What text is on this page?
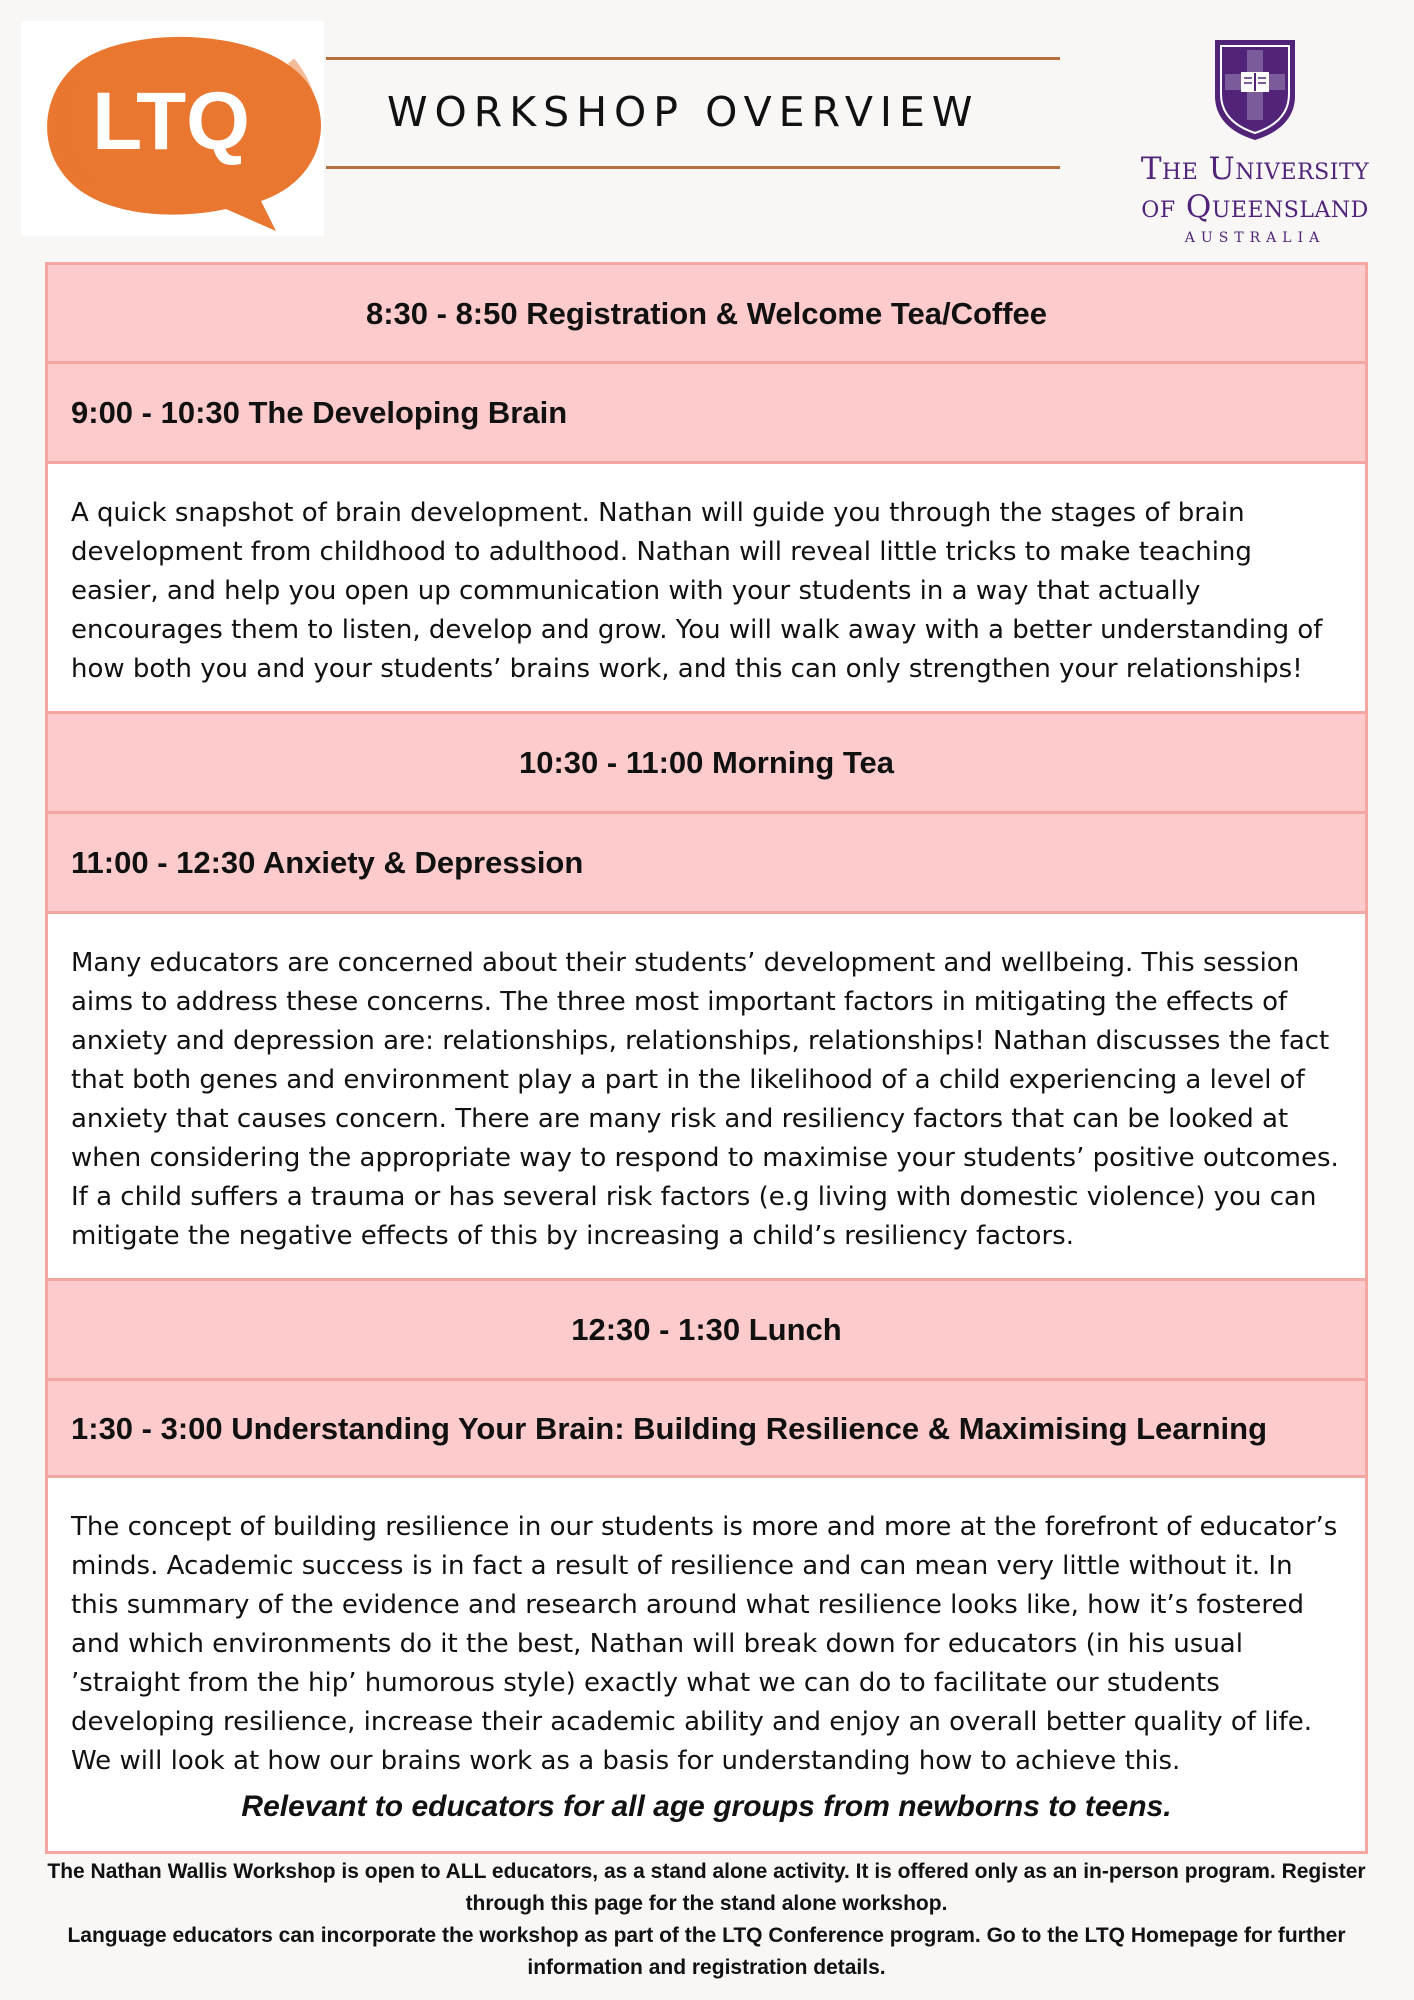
LTQ	WORKSHOP OVERVIEW
The University
of Queensland
AUSTRALIA
8:30 - 8:50 Registration & Welcome Tea/Coffee
9:00 - 10:30 The Developing Brain

A quick snapshot of brain development. Nathan will guide you through the stages of brain development from childhood to adulthood. Nathan will reveal little tricks to make teaching easier, and help you open up communication with your students in a way that actually encourages them to listen, develop and grow. You will walk away with a better understanding of how both you and your students’ brains work, and this can only strengthen your relationships!

10:30 - 11:00 Morning Tea
11:00 - 12:30 Anxiety & Depression

Many educators are concerned about their students’ development and wellbeing. This session aims to address these concerns. The three most important factors in mitigating the effects of anxiety and depression are: relationships, relationships, relationships! Nathan discusses the fact that both genes and environment play a part in the likelihood of a child experiencing a level of anxiety that causes concern. There are many risk and resiliency factors that can be looked at when considering the appropriate way to respond to maximise your students’ positive outcomes. If a child suffers a trauma or has several risk factors (e.g living with domestic violence) you can mitigate the negative effects of this by increasing a child’s resiliency factors.

12:30 - 1:30 Lunch
1:30 - 3:00 Understanding Your Brain: Building Resilience & Maximising Learning

The concept of building resilience in our students is more and more at the forefront of educator’s minds. Academic success is in fact a result of resilience and can mean very little without it. In this summary of the evidence and research around what resilience looks like, how it’s fostered and which environments do it the best, Nathan will break down for educators (in his usual ’straight from the hip’ humorous style) exactly what we can do to facilitate our students developing resilience, increase their academic ability and enjoy an overall better quality of life. We will look at how our brains work as a basis for understanding how to achieve this.

Relevant to educators for all age groups from newborns to teens.

The Nathan Wallis Workshop is open to ALL educators, as a stand alone activity. It is offered only as an in-person program. Register through this page for the stand alone workshop.

Language educators can incorporate the workshop as part of the LTQ Conference program. Go to the LTQ Homepage for further information and registration details.
